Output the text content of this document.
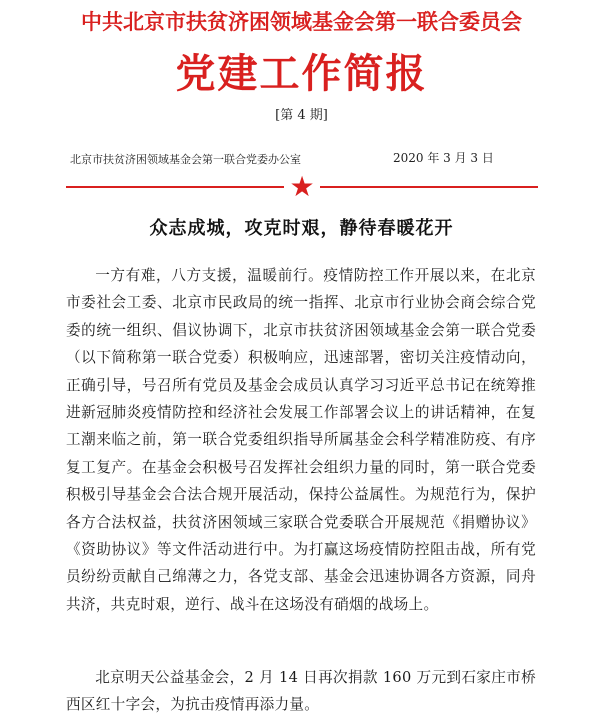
中共北京市扶贫济困领域基金会第一联合委员会
党建工作简报
[第 4 期]
北京市扶贫济困领域基金会第一联合党委办公室	2020 年 3 月 3 日
★
众志成城，攻克时艰，静待春暖花开

一方有难，八方支援，温暖前行。疫情防控工作开展以来，在北京市委社会工委、北京市民政局的统一指挥、北京市行业协会商会综合党委的统一组织、倡议协调下，北京市扶贫济困领域基金会第一联合党委（以下简称第一联合党委）积极响应，迅速部署，密切关注疫情动向，正确引导，号召所有党员及基金会成员认真学习习近平总书记在统筹推进新冠肺炎疫情防控和经济社会发展工作部署会议上的讲话精神，在复工潮来临之前，第一联合党委组织指导所属基金会科学精准防疫、有序复工复产。在基金会积极号召发挥社会组织力量的同时，第一联合党委积极引导基金会合法合规开展活动，保持公益属性。为规范行为，保护各方合法权益，扶贫济困领域三家联合党委联合开展规范《捐赠协议》《资助协议》等文件活动进行中。为打赢这场疫情防控阻击战，所有党员纷纷贡献自己绵薄之力，各党支部、基金会迅速协调各方资源，同舟共济，共克时艰，逆行、战斗在这场没有硝烟的战场上。

北京明天公益基金会，2 月 14 日再次捐款 160 万元到石家庄市桥西区红十字会，为抗击疫情再添力量。
